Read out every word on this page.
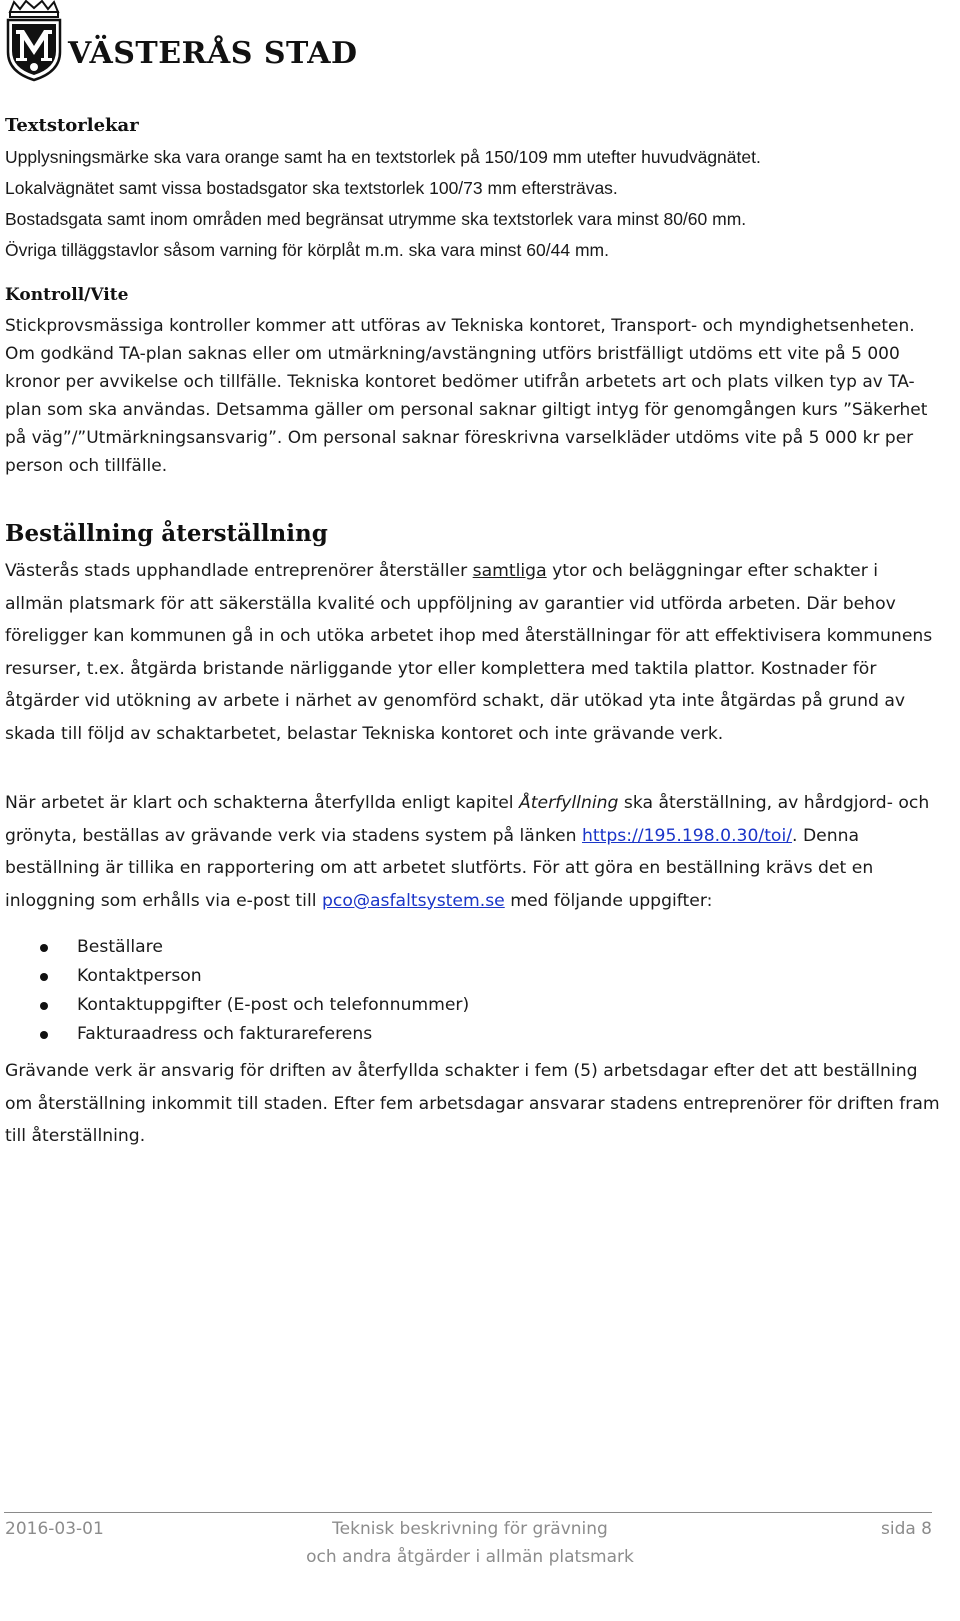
VÄSTERÅS STAD
Textstorlekar
Upplysningsmärke ska vara orange samt ha en textstorlek på 150/109 mm utefter huvudvägnätet.
Lokalvägnätet samt vissa bostadsgator ska textstorlek 100/73 mm eftersträvas.
Bostadsgata samt inom områden med begränsat utrymme ska textstorlek vara minst 80/60 mm.
Övriga tilläggstavlor såsom varning för körplåt m.m. ska vara minst 60/44 mm.
Kontroll/Vite

Stickprovsmässiga kontroller kommer att utföras av Tekniska kontoret, Transport- och myndighetsenheten. Om godkänd TA-plan saknas eller om utmärkning/avstängning utförs bristfälligt utdöms ett vite på 5 000 kronor per avvikelse och tillfälle. Tekniska kontoret bedömer utifrån arbetets art och plats vilken typ av TA-plan som ska användas. Detsamma gäller om personal saknar giltigt intyg för genomgången kurs ”Säkerhet på väg”/”Utmärkningsansvarig”. Om personal saknar föreskrivna varselkläder utdöms vite på 5 000 kr per person och tillfälle.

Beställning återställning

Västerås stads upphandlade entreprenörer återställer samtliga ytor och beläggningar efter schakter i allmän platsmark för att säkerställa kvalité och uppföljning av garantier vid utförda arbeten. Där behov föreligger kan kommunen gå in och utöka arbetet ihop med återställningar för att effektivisera kommunens resurser, t.ex. åtgärda bristande närliggande ytor eller komplettera med taktila plattor. Kostnader för åtgärder vid utökning av arbete i närhet av genomförd schakt, där utökad yta inte åtgärdas på grund av skada till följd av schaktarbetet, belastar Tekniska kontoret och inte grävande verk.

När arbetet är klart och schakterna återfyllda enligt kapitel Återfyllning ska återställning, av hårdgjord- och grönyta, beställas av grävande verk via stadens system på länken https://195.198.0.30/toi/. Denna beställning är tillika en rapportering om att arbetet slutförts. För att göra en beställning krävs det en inloggning som erhålls via e-post till pco@asfaltsystem.se med följande uppgifter:

Beställare
Kontaktperson
Kontaktuppgifter (E-post och telefonnummer)
Fakturaadress och fakturareferens

Grävande verk är ansvarig för driften av återfyllda schakter i fem (5) arbetsdagar efter det att beställning om återställning inkommit till staden. Efter fem arbetsdagar ansvarar stadens entreprenörer för driften fram till återställning.

2016-03-01	Teknisk beskrivning för grävning
och andra åtgärder i allmän platsmark
sida 8
